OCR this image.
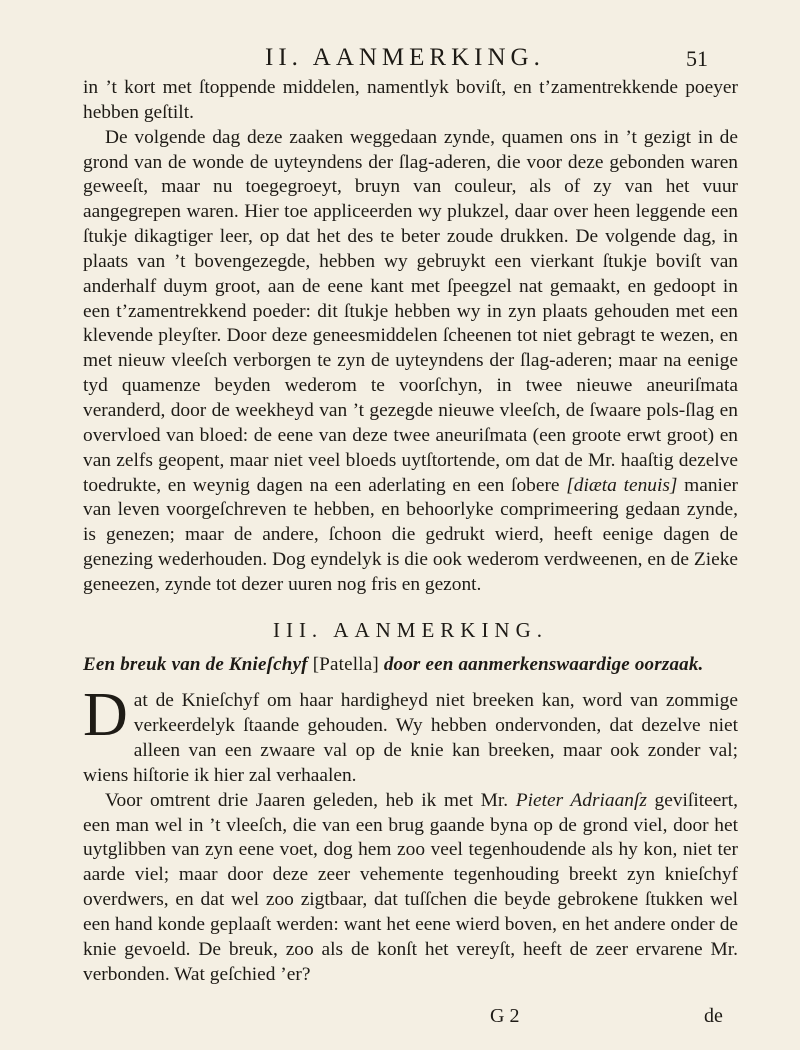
II. AANMERKING.	51

in ’t kort met ſtoppende middelen, namentlyk boviſt, en t’zamentrekkende poeyer hebben geſtilt.

De volgende dag deze zaaken weggedaan zynde, quamen ons in ’t gezigt in de grond van de wonde de uyteyndens der ſlag-aderen, die voor deze gebonden waren geweeſt, maar nu toegegroeyt, bruyn van couleur, als of zy van het vuur aangegrepen waren. Hier toe appliceerden wy plukzel, daar over heen leggende een ſtukje dikagtiger leer, op dat het des te beter zoude drukken. De volgende dag, in plaats van ’t bovengezegde, hebben wy gebruykt een vierkant ſtukje boviſt van anderhalf duym groot, aan de eene kant met ſpeegzel nat gemaakt, en gedoopt in een t’zamentrekkend poeder: dit ſtukje hebben wy in zyn plaats gehouden met een klevende pleyſter. Door deze geneesmiddelen ſcheenen tot niet gebragt te wezen, en met nieuw vleeſch verborgen te zyn de uyteyndens der ſlag-aderen; maar na eenige tyd quamenze beyden wederom te voorſchyn, in twee nieuwe aneuriſmata veranderd, door de weekheyd van ’t gezegde nieuwe vleeſch, de ſwaare pols-ſlag en overvloed van bloed: de eene van deze twee aneuriſmata (een groote erwt groot) en van zelfs geopent, maar niet veel bloeds uytſtortende, om dat de Mr. haaſtig dezelve toedrukte, en weynig dagen na een aderlating en een ſobere [diæta tenuis] manier van leven voorgeſchreven te hebben, en behoorlyke comprimeering gedaan zynde, is genezen; maar de andere, ſchoon die gedrukt wierd, heeft eenige dagen de genezing wederhouden. Dog eyndelyk is die ook wederom verdweenen, en de Zieke geneezen, zynde tot dezer uuren nog fris en gezont.

III. AANMERKING.
Een breuk van de Knieſchyf [Patella] door een aanmerkenswaardige oorzaak.

Dat de Knieſchyf om haar hardigheyd niet breeken kan, word van zommige verkeerdelyk ſtaande gehouden. Wy hebben ondervonden, dat dezelve niet alleen van een zwaare val op de knie kan breeken, maar ook zonder val; wiens hiſtorie ik hier zal verhaalen.

Voor omtrent drie Jaaren geleden, heb ik met Mr. Pieter Adriaanſz geviſiteert, een man wel in ’t vleeſch, die van een brug gaande byna op de grond viel, door het uytglibben van zyn eene voet, dog hem zoo veel tegenhoudende als hy kon, niet ter aarde viel; maar door deze zeer vehemente tegenhouding breekt zyn knieſchyf overdwers, en dat wel zoo zigtbaar, dat tuſſchen die beyde gebrokene ſtukken wel een hand konde geplaaſt werden: want het eene wierd boven, en het andere onder de knie gevoeld. De breuk, zoo als de konſt het vereyſt, heeft de zeer ervarene Mr. verbonden. Wat geſchied ’er?

G 2	de
